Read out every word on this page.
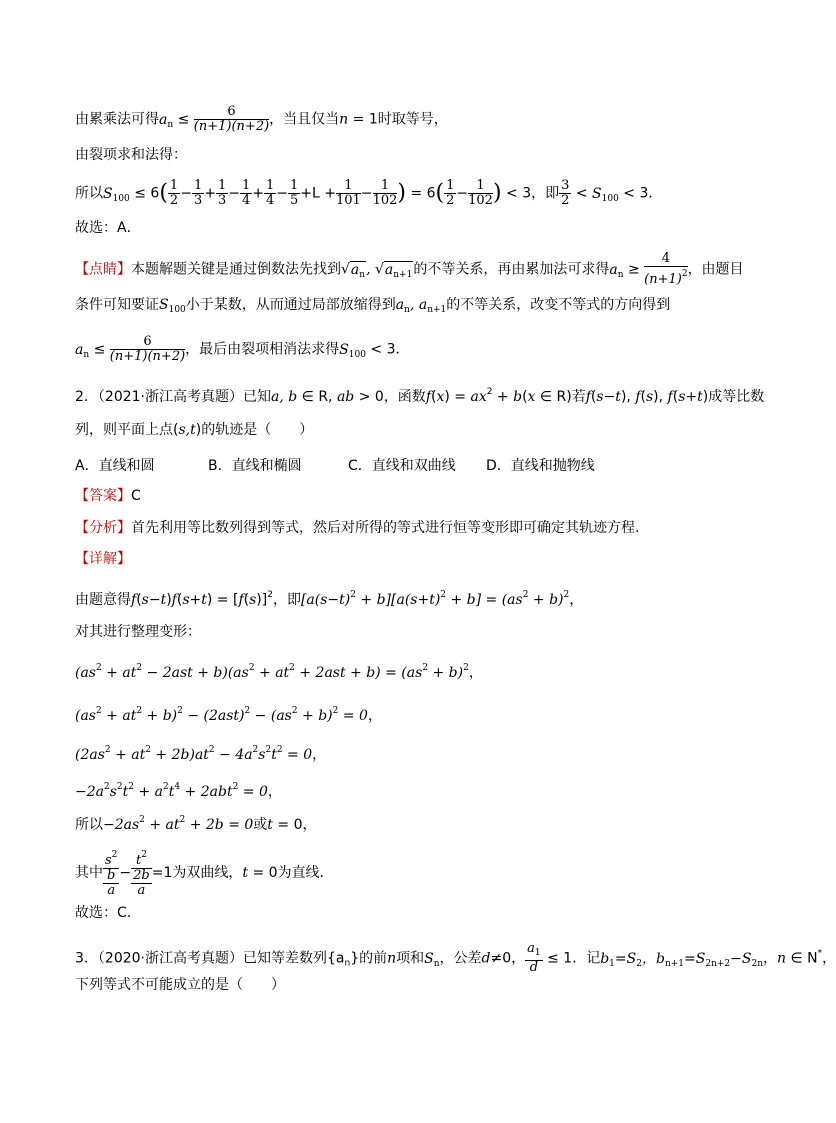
由累乘法可得$a_n \le \frac{6}{(n+1)(n+2)}$ ，当且仅当n = 1时取等号，
由裂项求和法得：
所以$S_{100} \le 6( \frac{1}{2} - \frac{1}{3} + \frac{1}{3} - \frac{1}{4} + \frac{1}{4} - \frac{1}{5} +L + \frac{1}{101} - \frac{1}{102}$ ) = $6( \frac{1}{2} - \frac{1}{102}$ ) < 3，即 $\frac{3}{2} < S_{100} < 3$．
故选：A．
【点睛】本题解题关键是通过倒数法先找到$√a_n$, $√a_{n+1}$的不等关系，再由累加法可求得$a_n \ge \frac{4}{(n+1)^2}$ ，由题目
条件可知要证$S_{100}$小于某数，从而通过局部放缩得到$a_n$, $a_{n+1}$的不等关系，改变不等式的方向得到
$a_n \le \frac{6}{(n+1)(n+2)}$ ，最后由裂项相消法求得$S_{100} < 3$．
2．（2021·浙江高考真题）已知a, b ∈ R, ab > 0，函数$f(x) = ax^2 + b(x$ ∈ R)若f(s−t), f(s), f(s+t)成等比数
列，则平面上点(s,t)的轨迹是（　　）
A．直线和圆	B．直线和椭圆	C．直线和双曲线 D．直线和抛物线
【答案】C
【分析】首先利用等比数列得到等式，然后对所得的等式进行恒等变形即可确定其轨迹方程.
【详解】
由题意得$f(s-t)f(s+t) = [f(s)]^2$，即$[a(s-t)^2 + b][a(s+t)^2 + b] = (as^2 + b)^2$，
对其进行整理变形：
$(as^2 + at^2 - 2ast + b)(as^2 + at^2 + 2ast + b) = (as^2 + b)^2$，
$(as^2 + at^2 + b)^2 - (2ast)^2 - (as^2 + b)^2 = 0$，
$(2as^2 + at^2 + 2b)at^2 - 4a^2s^2t^2 = 0$，
$-2a^2s^2t^2 + a^2t^4 + 2abt^2 = 0$，
所以$-2as^2 + at^2 + 2b = 0$或t = 0，
其中 $s^2$
b
$a - t^2$
2b
a =1为双曲线，t = 0为直线.
故选：C.
3．（2020·浙江高考真题）已知等差数列$\{a_n\}$的前n项和$S_n$，公差d≠0， $\frac{a_1}{d} \le 1$．记$b_1=S_2$，$b_{n+1}=S_{2n+2}-S_{2n}$，n ∈ N*，
下列等式不可能成立的是（　　）
